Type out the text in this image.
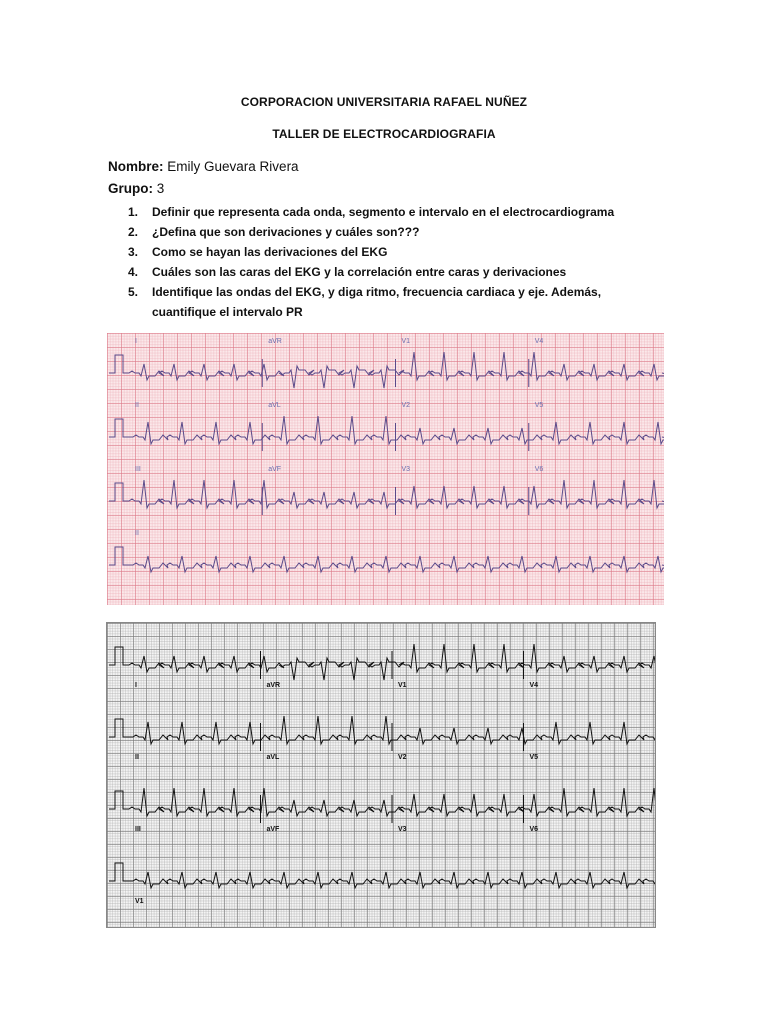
CORPORACION UNIVERSITARIA RAFAEL NUÑEZ
TALLER DE ELECTROCARDIOGRAFIA
Nombre: Emily Guevara Rivera
Grupo: 3
1. Definir que representa cada onda, segmento e intervalo en el electrocardiograma
2. ¿Defina que son derivaciones y cuáles son???
3. Como se hayan las derivaciones del EKG
4. Cuáles son las caras del EKG y la correlación entre caras y derivaciones
5. Identifique las ondas del EKG, y diga ritmo, frecuencia cardiaca y eje. Además, cuantifique el intervalo PR
I	aVR	V1	V4
II	aVL	V2	V5
III	aVF	V3	V6
II
I	aVR	V1	V4
II	aVL	V2	V5
III	aVF	V3	V6
V1
